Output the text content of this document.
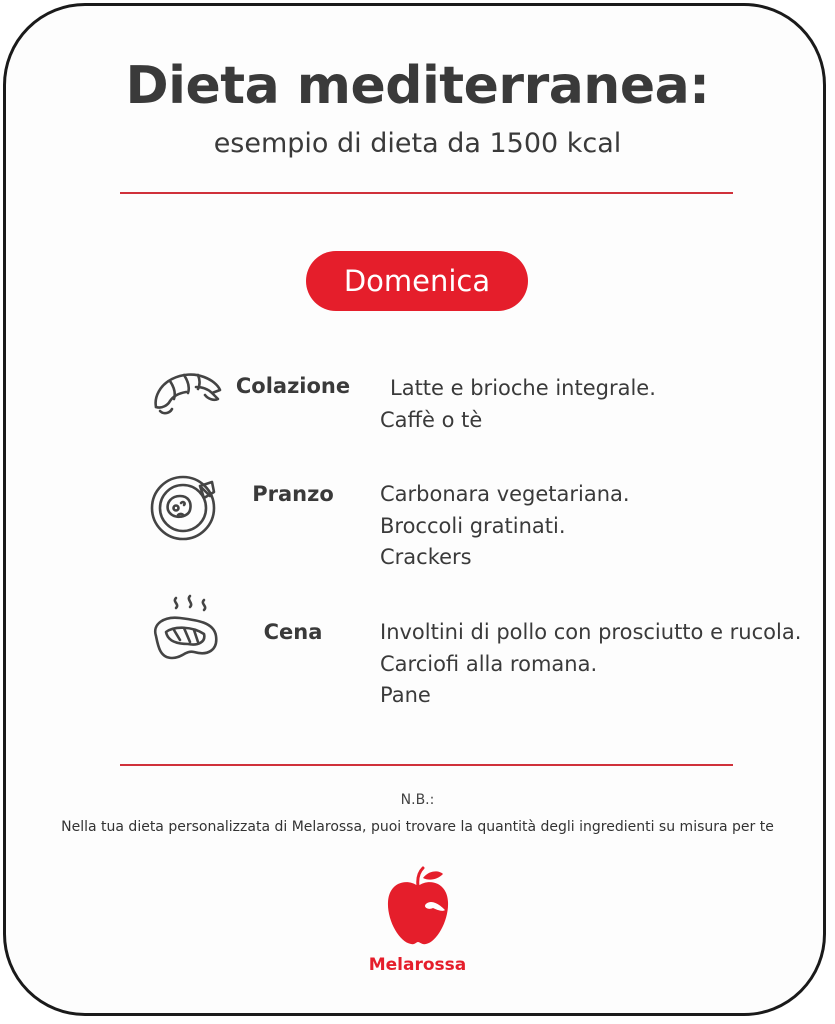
Dieta mediterranea:
esempio di dieta da 1500 kcal
Domenica
Colazione	Latte e brioche integrale.
Caffè o tè
Pranzo	Carbonara vegetariana.
Broccoli gratinati.
Crackers
Cena	Involtini di pollo con prosciutto e rucola.
Carciofi alla romana.
Pane
N.B.:
Nella tua dieta personalizzata di Melarossa, puoi trovare la quantità degli ingredienti su misura per te
Melarossa
